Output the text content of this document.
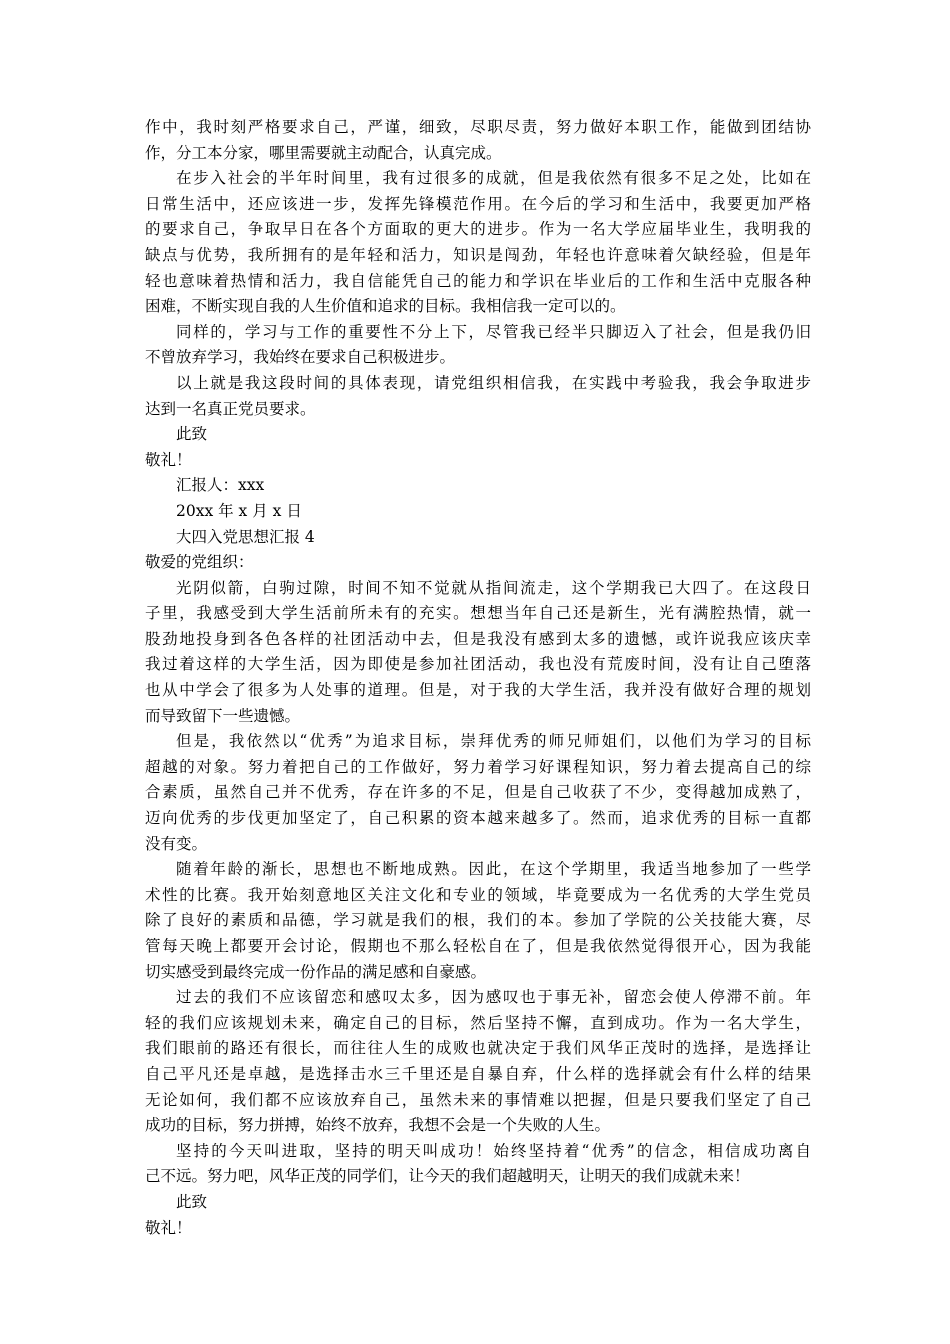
作中，我时刻严格要求自己，严谨，细致，尽职尽责，努力做好本职工作，能做到团结协
作，分工本分家，哪里需要就主动配合，认真完成。
在步入社会的半年时间里，我有过很多的成就，但是我依然有很多不足之处，比如在
日常生活中，还应该进一步，发挥先锋模范作用。在今后的学习和生活中，我要更加严格
的要求自己，争取早日在各个方面取的更大的进步。作为一名大学应届毕业生，我明我的
缺点与优势，我所拥有的是年轻和活力，知识是闯劲，年轻也许意味着欠缺经验，但是年
轻也意味着热情和活力，我自信能凭自己的能力和学识在毕业后的工作和生活中克服各种
困难，不断实现自我的人生价值和追求的目标。我相信我一定可以的。
同样的，学习与工作的重要性不分上下，尽管我已经半只脚迈入了社会，但是我仍旧
不曾放弃学习，我始终在要求自己积极进步。
以上就是我这段时间的具体表现，请党组织相信我，在实践中考验我，我会争取进步
达到一名真正党员要求。
此致
敬礼！
汇报人：xxx
20xx 年 x 月 x 日
大四入党思想汇报 4
敬爱的党组织：
光阴似箭，白驹过隙，时间不知不觉就从指间流走，这个学期我已大四了。在这段日
子里，我感受到大学生活前所未有的充实。想想当年自己还是新生，光有满腔热情，就一
股劲地投身到各色各样的社团活动中去，但是我没有感到太多的遗憾，或许说我应该庆幸
我过着这样的大学生活，因为即使是参加社团活动，我也没有荒废时间，没有让自己堕落
也从中学会了很多为人处事的道理。但是，对于我的大学生活，我并没有做好合理的规划
而导致留下一些遗憾。
但是，我依然以“优秀”为追求目标，崇拜优秀的师兄师姐们，以他们为学习的目标
超越的对象。努力着把自己的工作做好，努力着学习好课程知识，努力着去提高自己的综
合素质，虽然自己并不优秀，存在许多的不足，但是自己收获了不少，变得越加成熟了，
迈向优秀的步伐更加坚定了，自己积累的资本越来越多了。然而，追求优秀的目标一直都
没有变。
随着年龄的渐长，思想也不断地成熟。因此，在这个学期里，我适当地参加了一些学
术性的比赛。我开始刻意地区关注文化和专业的领域，毕竟要成为一名优秀的大学生党员
除了良好的素质和品德，学习就是我们的根，我们的本。参加了学院的公关技能大赛，尽
管每天晚上都要开会讨论，假期也不那么轻松自在了，但是我依然觉得很开心，因为我能
切实感受到最终完成一份作品的满足感和自豪感。
过去的我们不应该留恋和感叹太多，因为感叹也于事无补，留恋会使人停滞不前。年
轻的我们应该规划未来，确定自己的目标，然后坚持不懈，直到成功。作为一名大学生，
我们眼前的路还有很长，而往往人生的成败也就决定于我们风华正茂时的选择，是选择让
自己平凡还是卓越，是选择击水三千里还是自暴自弃，什么样的选择就会有什么样的结果
无论如何，我们都不应该放弃自己，虽然未来的事情难以把握，但是只要我们坚定了自己
成功的目标，努力拼搏，始终不放弃，我想不会是一个失败的人生。
坚持的今天叫进取，坚持的明天叫成功！始终坚持着“优秀”的信念，相信成功离自
己不远。努力吧，风华正茂的同学们，让今天的我们超越明天，让明天的我们成就未来！
此致
敬礼！
